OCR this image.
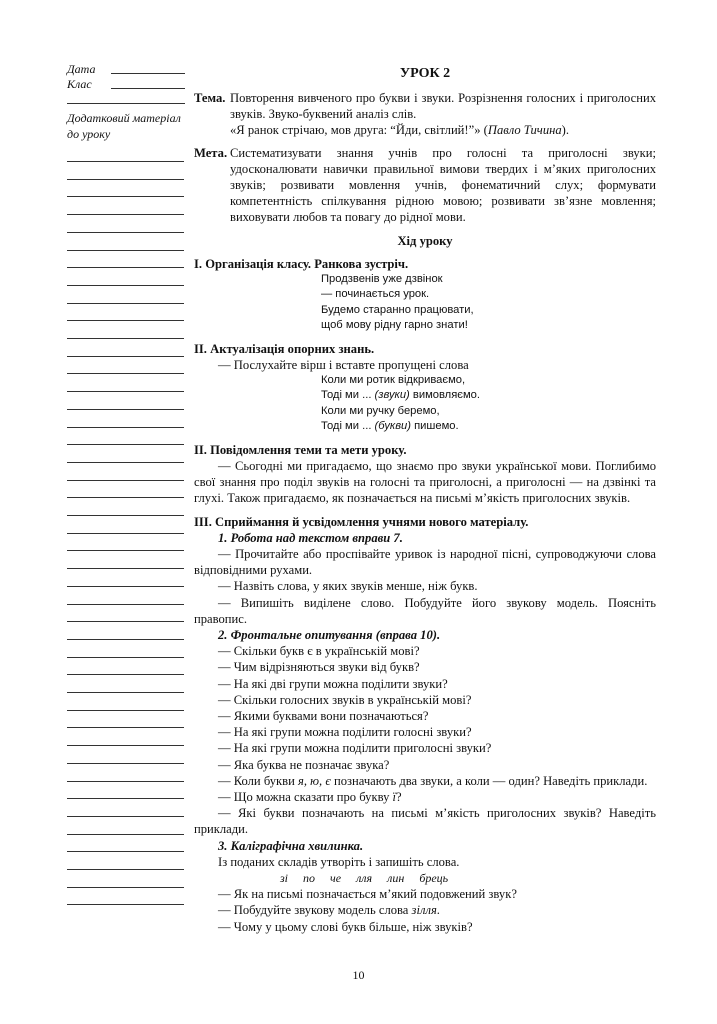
Дата
Клас
Додатковий матеріал до уроку
УРОК 2
Тема. Повторення вивченого про букви і звуки. Розрізнення голосних і приголосних звуків. Звуко-буквений аналіз слів.
«Я ранок стрічаю, мов друга: “Йди, світлий!”» (Павло Тичина).
Мета. Систематизувати знання учнів про голосні та приголосні звуки; удосконалювати навички правильної вимови твердих і м’яких приголосних звуків; розвивати мовлення учнів, фонематичний слух; формувати компетентність спілкування рідною мовою; розвивати зв’язне мовлення; виховувати любов та повагу до рідної мови.
Хід уроку
I. Організація класу. Ранкова зустріч.
Продзвенів уже дзвінок
— починається урок.
Будемо старанно працювати,
щоб мову рідну гарно знати!
II. Актуалізація опорних знань.

— Послухайте вірш і вставте пропущені слова

Коли ми ротик відкриваємо,
Тоді ми ... (звуки) вимовляємо.
Коли ми ручку беремо,
Тоді ми ... (букви) пишемо.
II. Повідомлення теми та мети уроку.

— Сьогодні ми пригадаємо, що знаємо про звуки української мови. Поглибимо свої знання про поділ звуків на голосні та приголосні, а приголосні — на дзвінкі та глухі. Також пригадаємо, як позначається на письмі м’якість приголосних звуків.

III. Сприймання й усвідомлення учнями нового матеріалу.
1. Робота над текстом вправи 7.

— Прочитайте або проспівайте уривок із народної пісні, супроводжуючи слова відповідними рухами.

— Назвіть слова, у яких звуків менше, ніж букв.

— Випишіть виділене слово. Побудуйте його звукову модель. Поясніть правопис.

2. Фронтальне опитування (вправа 10).

— Скільки букв є в українській мові?

— Чим відрізняються звуки від букв?

— На які дві групи можна поділити звуки?

— Скільки голосних звуків в українській мові?

— Якими буквами вони позначаються?

— На які групи можна поділити голосні звуки?

— На які групи можна поділити приголосні звуки?

— Яка буква не позначає звука?

— Коли букви я, ю, є позначають два звуки, а коли — один? Наведіть приклади.

— Що можна сказати про букву ї?

— Які букви позначають на письмі м’якість приголосних звуків? Наведіть приклади.

3. Каліграфічна хвилинка.

Із поданих складів утворіть і запишіть слова.

зі по че лля лин брець

— Як на письмі позначається м’який подовжений звук?

— Побудуйте звукову модель слова зілля.

— Чому у цьому слові букв більше, ніж звуків?

10
